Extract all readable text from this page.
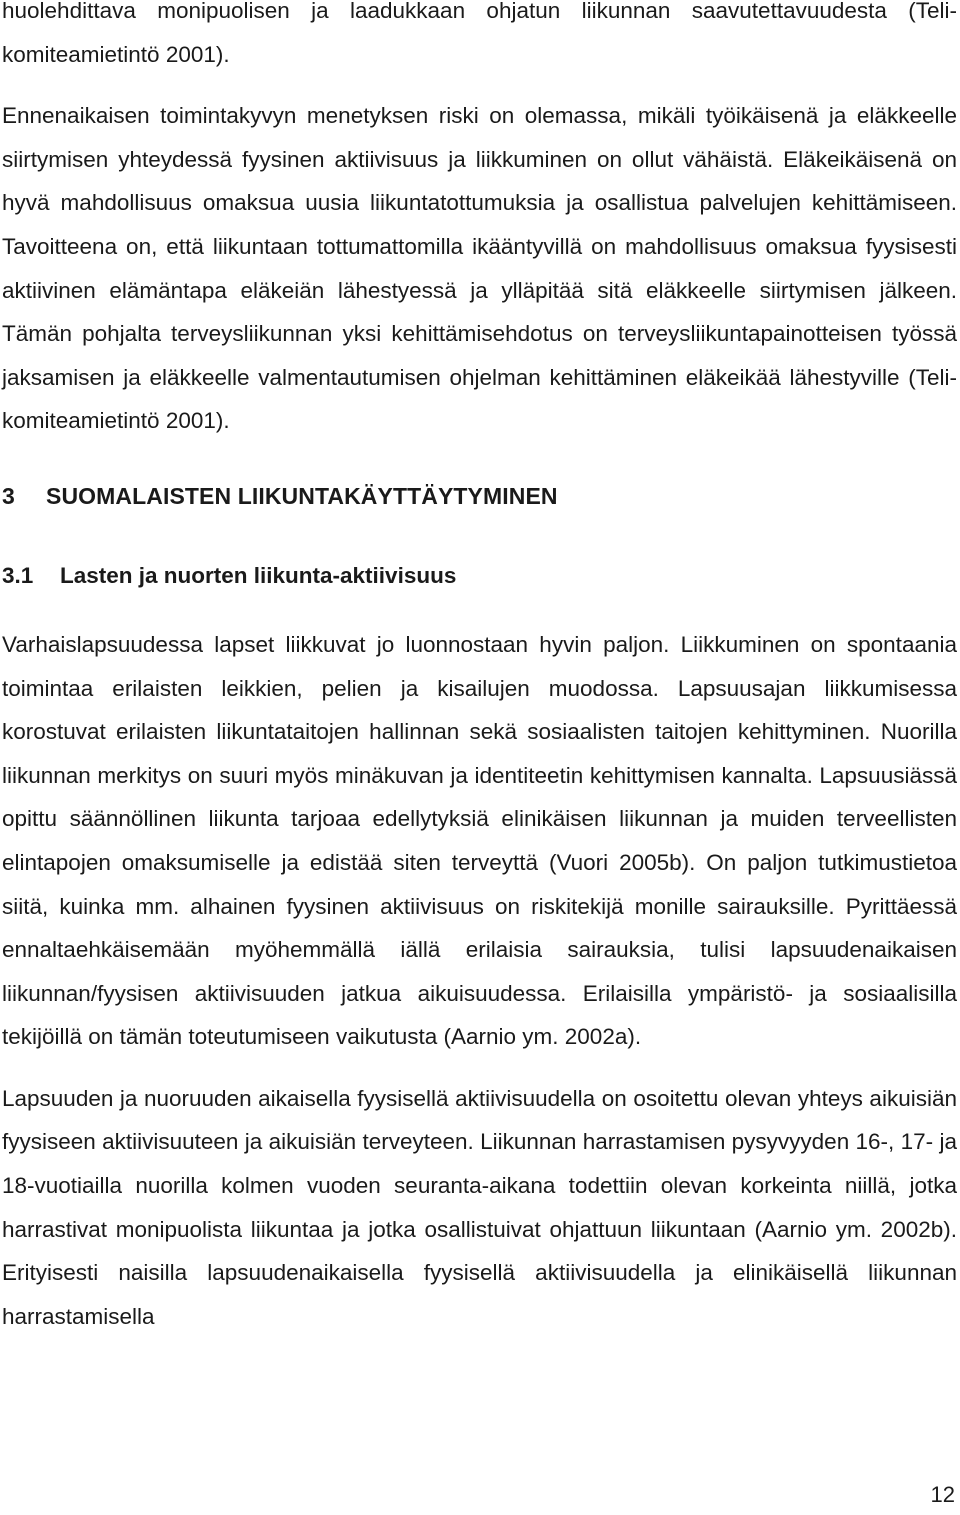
huolehdittava monipuolisen ja laadukkaan ohjatun liikunnan saavutettavuudesta (Teli-komiteamietintö 2001).

Ennenaikaisen toimintakyvyn menetyksen riski on olemassa, mikäli työikäisenä ja eläkkeelle siirtymisen yhteydessä fyysinen aktiivisuus ja liikkuminen on ollut vähäistä. Eläkeikäisenä on hyvä mahdollisuus omaksua uusia liikuntatottumuksia ja osallistua palvelujen kehittämiseen. Tavoitteena on, että liikuntaan tottumattomilla ikääntyvillä on mahdollisuus omaksua fyysisesti aktiivinen elämäntapa eläkeiän lähestyessä ja ylläpitää sitä eläkkeelle siirtymisen jälkeen. Tämän pohjalta terveysliikunnan yksi kehittämisehdotus on terveysliikuntapainotteisen työssä jaksamisen ja eläkkeelle valmentautumisen ohjelman kehittäminen eläkeikää lähestyville (Teli-komiteamietintö 2001).

3 SUOMALAISTEN LIIKUNTAKÄYTTÄYTYMINEN
3.1 Lasten ja nuorten liikunta-aktiivisuus

Varhaislapsuudessa lapset liikkuvat jo luonnostaan hyvin paljon. Liikkuminen on spontaania toimintaa erilaisten leikkien, pelien ja kisailujen muodossa. Lapsuusajan liikkumisessa korostuvat erilaisten liikuntataitojen hallinnan sekä sosiaalisten taitojen kehittyminen. Nuorilla liikunnan merkitys on suuri myös minäkuvan ja identiteetin kehittymisen kannalta. Lapsuusiässä opittu säännöllinen liikunta tarjoaa edellytyksiä elinikäisen liikunnan ja muiden terveellisten elintapojen omaksumiselle ja edistää siten terveyttä (Vuori 2005b). On paljon tutkimustietoa siitä, kuinka mm. alhainen fyysinen aktiivisuus on riskitekijä monille sairauksille. Pyrittäessä ennaltaehkäisemään myöhemmällä iällä erilaisia sairauksia, tulisi lapsuudenaikaisen liikunnan/fyysisen aktiivisuuden jatkua aikuisuudessa. Erilaisilla ympäristö- ja sosiaalisilla tekijöillä on tämän toteutumiseen vaikutusta (Aarnio ym. 2002a).

Lapsuuden ja nuoruuden aikaisella fyysisellä aktiivisuudella on osoitettu olevan yhteys aikuisiän fyysiseen aktiivisuuteen ja aikuisiän terveyteen. Liikunnan harrastamisen pysyvyyden 16-, 17- ja 18-vuotiailla nuorilla kolmen vuoden seuranta-aikana todettiin olevan korkeinta niillä, jotka harrastivat monipuolista liikuntaa ja jotka osallistuivat ohjattuun liikuntaan (Aarnio ym. 2002b). Erityisesti naisilla lapsuudenaikaisella fyysisellä aktiivisuudella ja elinikäisellä liikunnan harrastamisella

12
